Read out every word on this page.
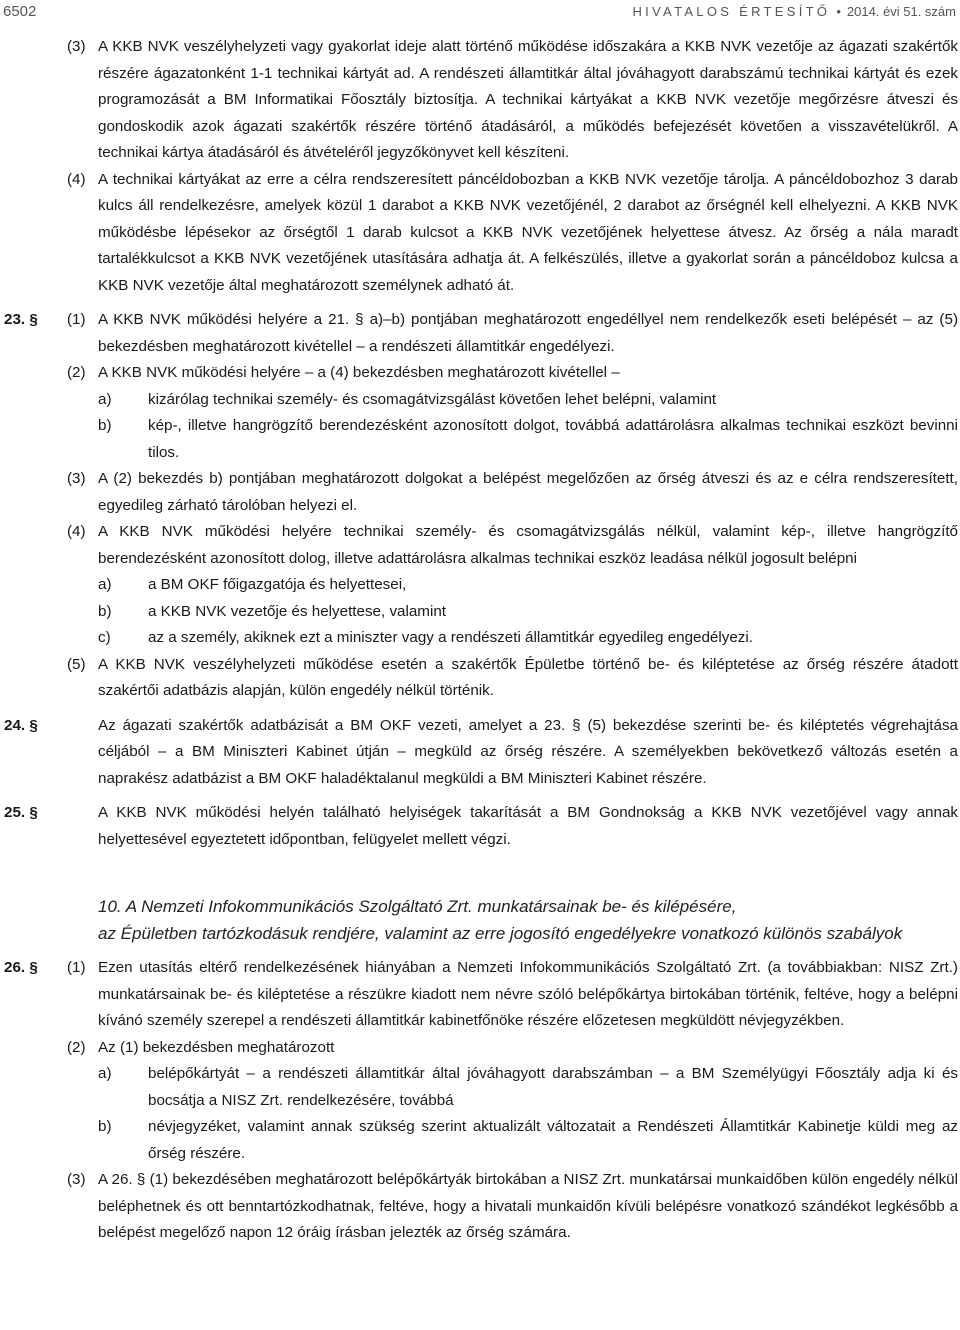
6502	HIVATALOS ÉRTESÍTŐ • 2014. évi 51. szám
(3) A KKB NVK veszélyhelyzeti vagy gyakorlat ideje alatt történő működése időszakára a KKB NVK vezetője az ágazati szakértők részére ágazatonként 1-1 technikai kártyát ad. A rendészeti államtitkár által jóváhagyott darabszámú technikai kártyát és ezek programozását a BM Informatikai Főosztály biztosítja. A technikai kártyákat a KKB NVK vezetője megőrzésre átveszi és gondoskodik azok ágazati szakértők részére történő átadásáról, a működés befejezését követően a visszavételükről. A technikai kártya átadásáról és átvételéről jegyzőkönyvet kell készíteni.

(4) A technikai kártyákat az erre a célra rendszeresített páncéldobozban a KKB NVK vezetője tárolja. A páncéldobozhoz 3 darab kulcs áll rendelkezésre, amelyek közül 1 darabot a KKB NVK vezetőjénél, 2 darabot az őrségnél kell elhelyezni. A KKB NVK működésbe lépésekor az őrségtől 1 darab kulcsot a KKB NVK vezetőjének helyettese átvesz. Az őrség a nála maradt tartalékkulcsot a KKB NVK vezetőjének utasítására adhatja át. A felkészülés, illetve a gyakorlat során a páncéldoboz kulcsa a KKB NVK vezetője által meghatározott személynek adható át.

23. § (1) A KKB NVK működési helyére a 21. § a)–b) pontjában meghatározott engedéllyel nem rendelkezők eseti belépését – az (5) bekezdésben meghatározott kivétellel – a rendészeti államtitkár engedélyezi.

(2) A KKB NVK működési helyére – a (4) bekezdésben meghatározott kivétellel –

a) kizárólag technikai személy- és csomagátvizsgálást követően lehet belépni, valamint

b) kép-, illetve hangrögzítő berendezésként azonosított dolgot, továbbá adattárolásra alkalmas technikai eszközt bevinni tilos.

(3) A (2) bekezdés b) pontjában meghatározott dolgokat a belépést megelőzően az őrség átveszi és az e célra rendszeresített, egyedileg zárható tárolóban helyezi el.

(4) A KKB NVK működési helyére technikai személy- és csomagátvizsgálás nélkül, valamint kép-, illetve hangrögzítő berendezésként azonosított dolog, illetve adattárolásra alkalmas technikai eszköz leadása nélkül jogosult belépni

a) a BM OKF főigazgatója és helyettesei,

b) a KKB NVK vezetője és helyettese, valamint

c) az a személy, akiknek ezt a miniszter vagy a rendészeti államtitkár egyedileg engedélyezi.

(5) A KKB NVK veszélyhelyzeti működése esetén a szakértők Épületbe történő be- és kiléptetése az őrség részére átadott szakértői adatbázis alapján, külön engedély nélkül történik.

24. §	Az ágazati szakértők adatbázisát a BM OKF vezeti, amelyet a 23. § (5) bekezdése szerinti be- és kiléptetés végrehajtása céljából – a BM Miniszteri Kabinet útján – megküld az őrség részére. A személyekben bekövetkező változás esetén a naprakész adatbázist a BM OKF haladéktalanul megküldi a BM Miniszteri Kabinet részére.

25. §	A KKB NVK működési helyén található helyiségek takarítását a BM Gondnokság a KKB NVK vezetőjével vagy annak helyettesével egyeztetett időpontban, felügyelet mellett végzi.

10. A Nemzeti Infokommunikációs Szolgáltató Zrt. munkatársainak be- és kilépésére,
az Épületben tartózkodásuk rendjére, valamint az erre jogosító engedélyekre vonatkozó különös szabályok
26. § (1) Ezen utasítás eltérő rendelkezésének hiányában a Nemzeti Infokommunikációs Szolgáltató Zrt. (a továbbiakban: NISZ Zrt.) munkatársainak be- és kiléptetése a részükre kiadott nem névre szóló belépőkártya birtokában történik, feltéve, hogy a belépni kívánó személy szerepel a rendészeti államtitkár kabinetfőnöke részére előzetesen megküldött névjegyzékben.

(2) Az (1) bekezdésben meghatározott

a) belépőkártyát – a rendészeti államtitkár által jóváhagyott darabszámban – a BM Személyügyi Főosztály adja ki és bocsátja a NISZ Zrt. rendelkezésére, továbbá

b) névjegyzéket, valamint annak szükség szerint aktualizált változatait a Rendészeti Államtitkár Kabinetje küldi meg az őrség részére.

(3) A 26. § (1) bekezdésében meghatározott belépőkártyák birtokában a NISZ Zrt. munkatársai munkaidőben külön engedély nélkül beléphetnek és ott benntartózkodhatnak, feltéve, hogy a hivatali munkaidőn kívüli belépésre vonatkozó szándékot legkésőbb a belépést megelőző napon 12 óráig írásban jelezték az őrség számára.
